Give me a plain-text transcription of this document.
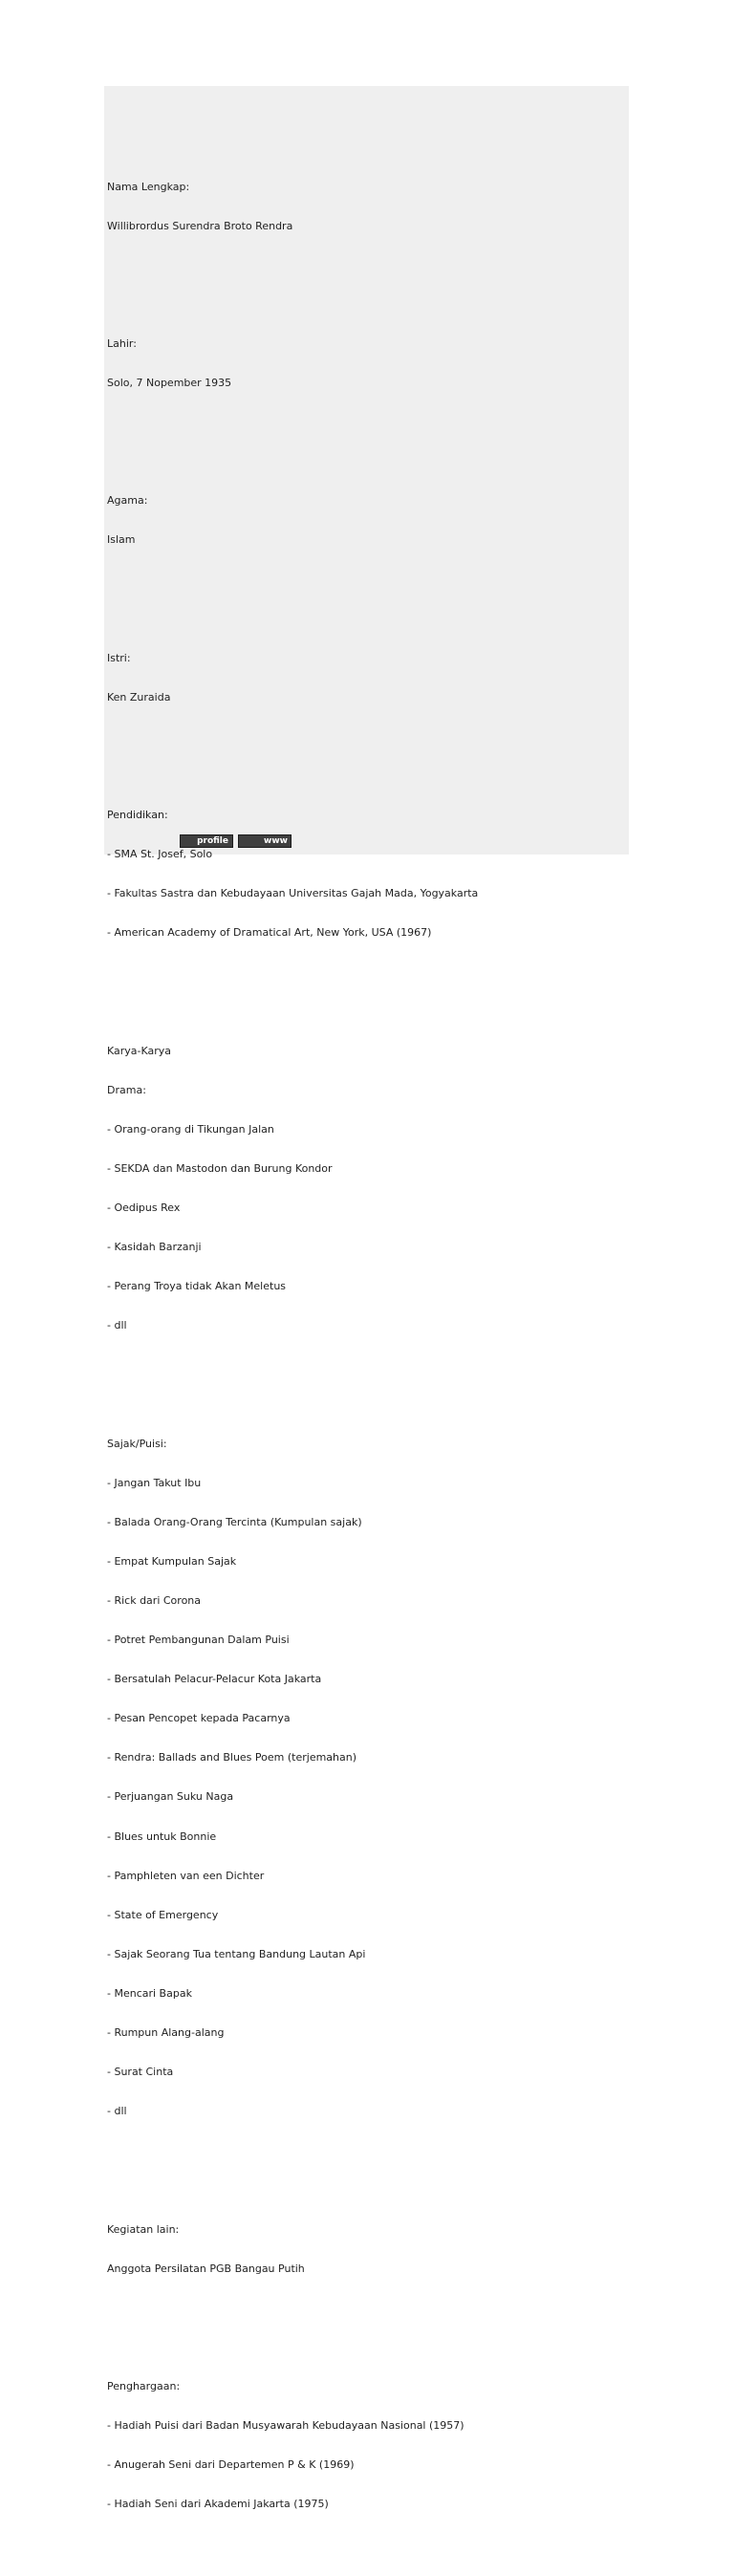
Nama Lengkap:

Willibrordus Surendra Broto Rendra

Lahir:

Solo, 7 Nopember 1935

Agama:

Islam

Istri:

Ken Zuraida

Pendidikan:

- SMA St. Josef, Solo

- Fakultas Sastra dan Kebudayaan Universitas Gajah Mada, Yogyakarta

- American Academy of Dramatical Art, New York, USA (1967)

Karya-Karya

Drama:

- Orang-orang di Tikungan Jalan

- SEKDA dan Mastodon dan Burung Kondor

- Oedipus Rex

- Kasidah Barzanji

- Perang Troya tidak Akan Meletus

- dll

Sajak/Puisi:

- Jangan Takut Ibu

- Balada Orang-Orang Tercinta (Kumpulan sajak)

- Empat Kumpulan Sajak

- Rick dari Corona

- Potret Pembangunan Dalam Puisi

- Bersatulah Pelacur-Pelacur Kota Jakarta

- Pesan Pencopet kepada Pacarnya

- Rendra: Ballads and Blues Poem (terjemahan)

- Perjuangan Suku Naga

- Blues untuk Bonnie

- Pamphleten van een Dichter

- State of Emergency

- Sajak Seorang Tua tentang Bandung Lautan Api

- Mencari Bapak

- Rumpun Alang-alang

- Surat Cinta

- dll

Kegiatan lain:

Anggota Persilatan PGB Bangau Putih

Penghargaan:

- Hadiah Puisi dari Badan Musyawarah Kebudayaan Nasional (1957)

- Anugerah Seni dari Departemen P & K (1969)

- Hadiah Seni dari Akademi Jakarta (1975)

profile	www
